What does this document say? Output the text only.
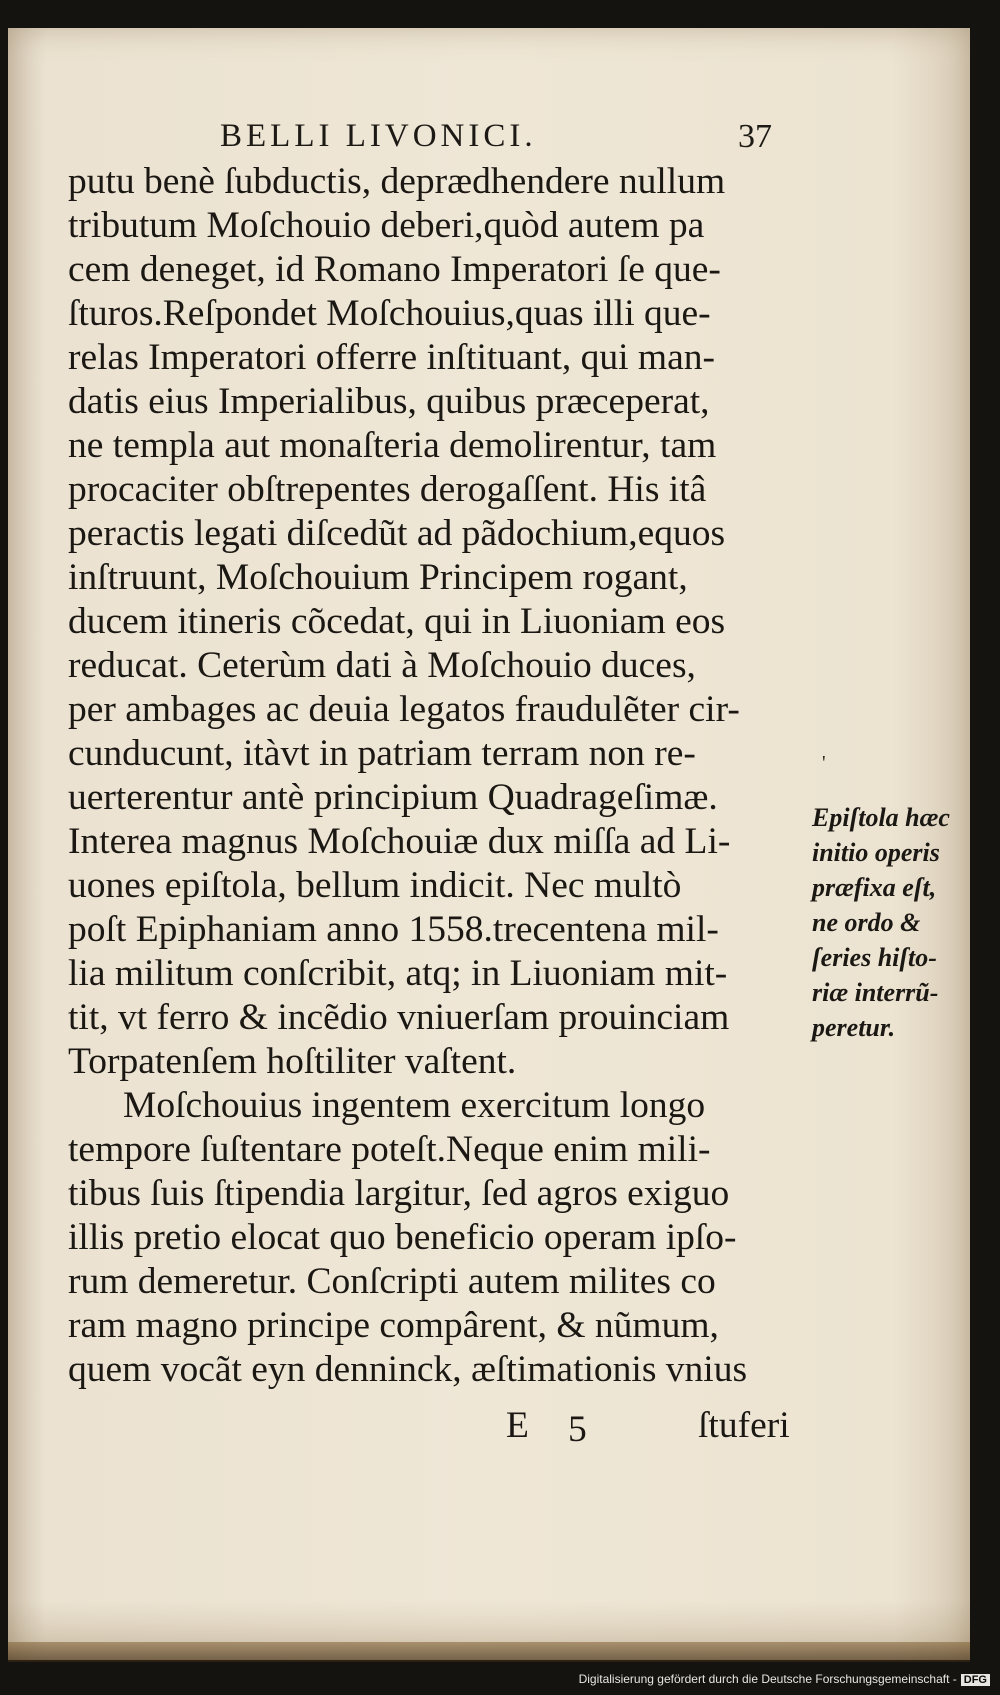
BELLI LIVONICI.	37
putu benè ſubductis, deprædhendere nullum
tributum Moſchouio deberi,quòd autem pa
cem deneget, id Romano Imperatori ſe que-
ſturos.Reſpondet Moſchouius,quas illi que-
relas Imperatori offerre inſtituant, qui man-
datis eius Imperialibus, quibus præceperat,
ne templa aut monaſteria demolirentur, tam
procaciter obſtrepentes derogaſſent. His itâ
peractis legati diſcedũt ad pãdochium,equos
inſtruunt, Moſchouium Principem rogant,
ducem itineris cõcedat, qui in Liuoniam eos
reducat. Ceterùm dati à Moſchouio duces,
per ambages ac deuia legatos fraudulẽter cir-
cunducunt, itàvt in patriam terram non re-
uerterentur antè principium Quadrageſimæ.
Interea magnus Moſchouiæ dux miſſa ad Li-
uones epiſtola, bellum indicit. Nec multò
poſt Epiphaniam anno 1558.trecentena mil-
lia militum conſcribit, atq; in Liuoniam mit-
tit, vt ferro & incẽdio vniuerſam prouinciam
Torpatenſem hoſtiliter vaſtent.
Moſchouius ingentem exercitum longo
tempore ſuſtentare poteſt.Neque enim mili-
tibus ſuis ſtipendia largitur, ſed agros exiguo
illis pretio elocat quo beneficio operam ipſo-
rum demeretur. Conſcripti autem milites co
ram magno principe compârent, & nũmum,
quem vocãt eyn denninck, æſtimationis vnius
'
Epiſtola hæc
initio operis
præfixa eſt,
ne ordo &
ſeries hiſto-
riæ interrũ-
peretur.
E 5	ſtuferi
Digitalisierung gefördert durch die Deutsche Forschungsgemeinschaft - DFG
